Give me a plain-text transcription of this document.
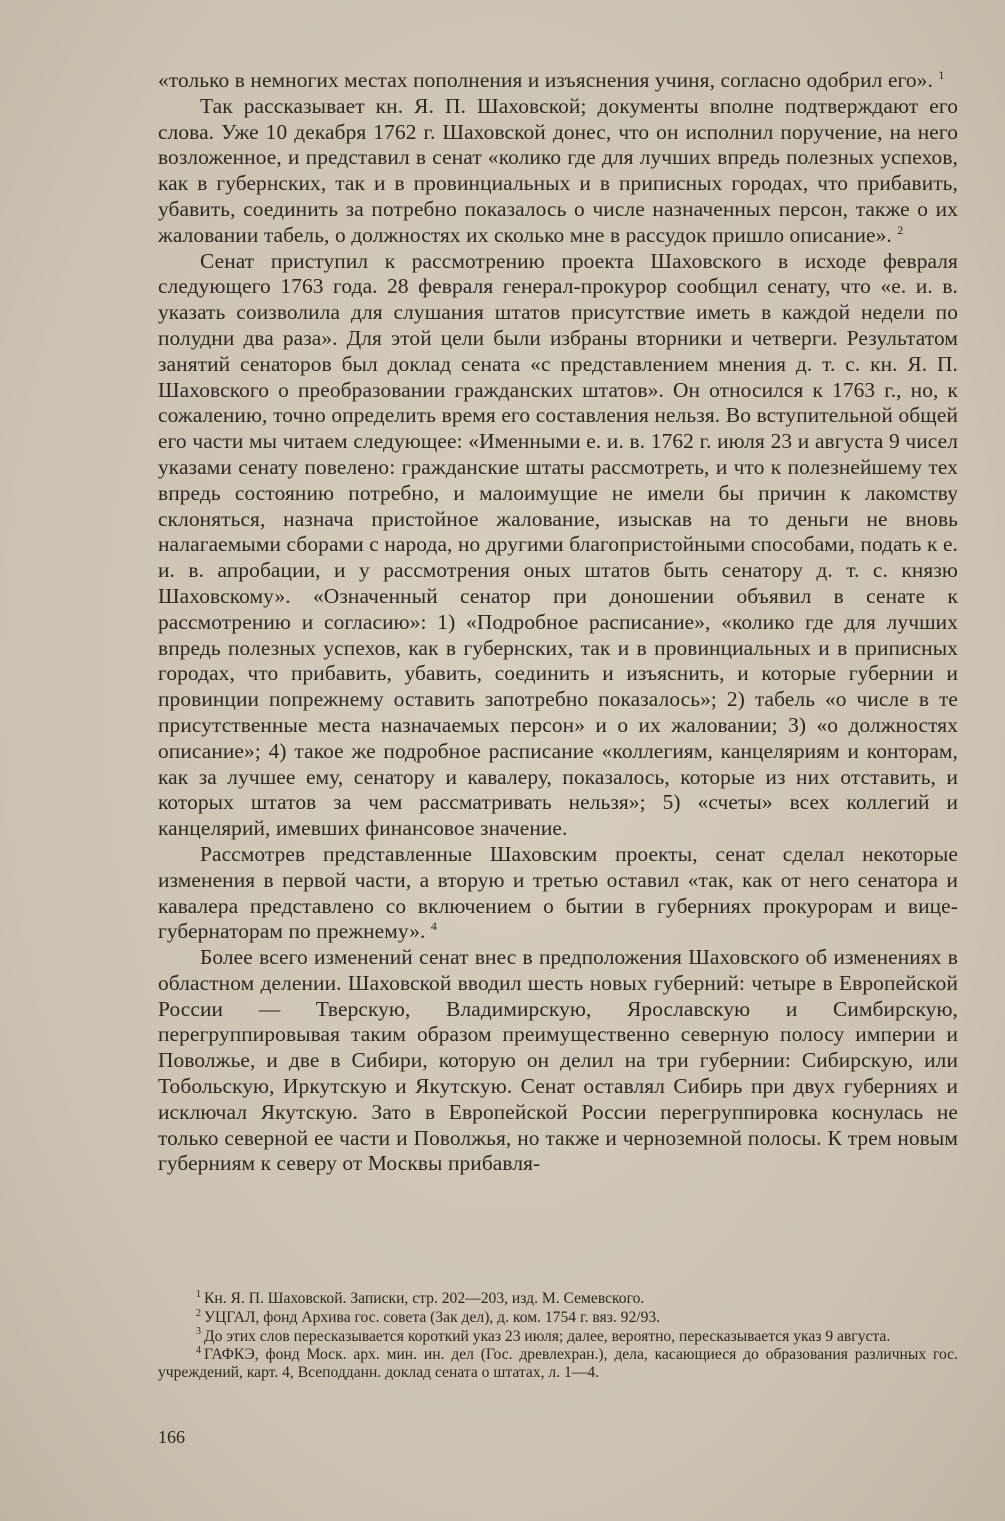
«только в немногих местах пополнения и изъяснения учиня, согласно одобрил его». $^1$

Так рассказывает кн. Я. П. Шаховской; документы вполне подтверждают его слова. Уже 10 декабря 1762 г. Шаховской донес, что он исполнил поручение, на него возложенное, и представил в сенат «колико где для лучших впредь полезных успехов, как в губернских, так и в провинциальных и в приписных городах, что прибавить, убавить, соединить за потребно показалось о числе назначенных персон, также о их жаловании табель, о должностях их сколько мне в рассудок пришло описание». $^2$

Сенат приступил к рассмотрению проекта Шаховского в исходе февраля следующего 1763 года. 28 февраля генерал-прокурор сообщил сенату, что «е. и. в. указать соизволила для слушания штатов присутствие иметь в каждой недели по полудни два раза». Для этой цели были избраны вторники и четверги. Результатом занятий сенаторов был доклад сената «с представлением мнения д. т. с. кн. Я. П. Шаховского о преобразовании гражданских штатов». Он относился к 1763 г., но, к сожалению, точно определить время его составления нельзя. Во вступительной общей его части мы читаем следующее: «Именными е. и. в. 1762 г. июля 23 и августа 9 чисел указами сенату повелено: гражданские штаты рассмотреть, и что к полезнейшему тех впредь состоянию потребно, и малоимущие не имели бы причин к лакомству склоняться, назнача пристойное жалование, изыскав на то деньги не вновь налагаемыми сборами с народа, но другими благопристойными способами, подать к е. и. в. апробации, и у рассмотрения оных штатов быть сенатору д. т. с. князю Шаховскому». «Означенный сенатор при доношении объявил в сенате к рассмотрению и согласию»: 1) «Подробное расписание», «колико где для лучших впредь полезных успехов, как в губернских, так и в провинциальных и в приписных городах, что прибавить, убавить, соединить и изъяснить, и которые губернии и провинции попрежнему оставить запотребно показалось»; 2) табель «о числе в те присутственные места назначаемых персон» и о их жаловании; 3) «о должностях описание»; 4) такое же подробное расписание «коллегиям, канцеляриям и конторам, как за лучшее ему, сенатору и кавалеру, показалось, которые из них отставить, и которых штатов за чем рассматривать нельзя»; 5) «счеты» всех коллегий и канцелярий, имевших финансовое значение.

Рассмотрев представленные Шаховским проекты, сенат сделал некоторые изменения в первой части, а вторую и третью оставил «так, как от него сенатора и кавалера представлено со включением о бытии в губерниях прокурорам и вице-губернаторам по прежнему». $^4$

Более всего изменений сенат внес в предположения Шаховского об изменениях в областном делении. Шаховской вводил шесть новых губерний: четыре в Европейской России — Тверскую, Владимирскую, Ярославскую и Симбирскую, перегруппировывая таким образом преимущественно северную полосу империи и Поволжье, и две в Сибири, которую он делил на три губернии: Сибирскую, или Тобольскую, Иркутскую и Якутскую. Сенат оставлял Сибирь при двух губерниях и исключал Якутскую. Зато в Европейской России перегруппировка коснулась не только северной ее части и Поволжья, но также и черноземной полосы. К трем новым губерниям к северу от Москвы прибавля-

$^1$ Кн. Я. П. Шаховской. Записки, стр. 202—203, изд. М. Семевского.

$^2$ УЦГАЛ, фонд Архива гос. совета (Зак дел), д. ком. 1754 г. вяз. 92/93.

$^3$ До этих слов пересказывается короткий указ 23 июля; далее, вероятно, пересказывается указ 9 августа.

$^4$ ГАФКЭ, фонд Моск. арх. мин. ин. дел (Гос. древлехран.), дела, касающиеся до образования различных гос. учреждений, карт. 4, Всеподданн. доклад сената о штатах, л. 1—4.

166
